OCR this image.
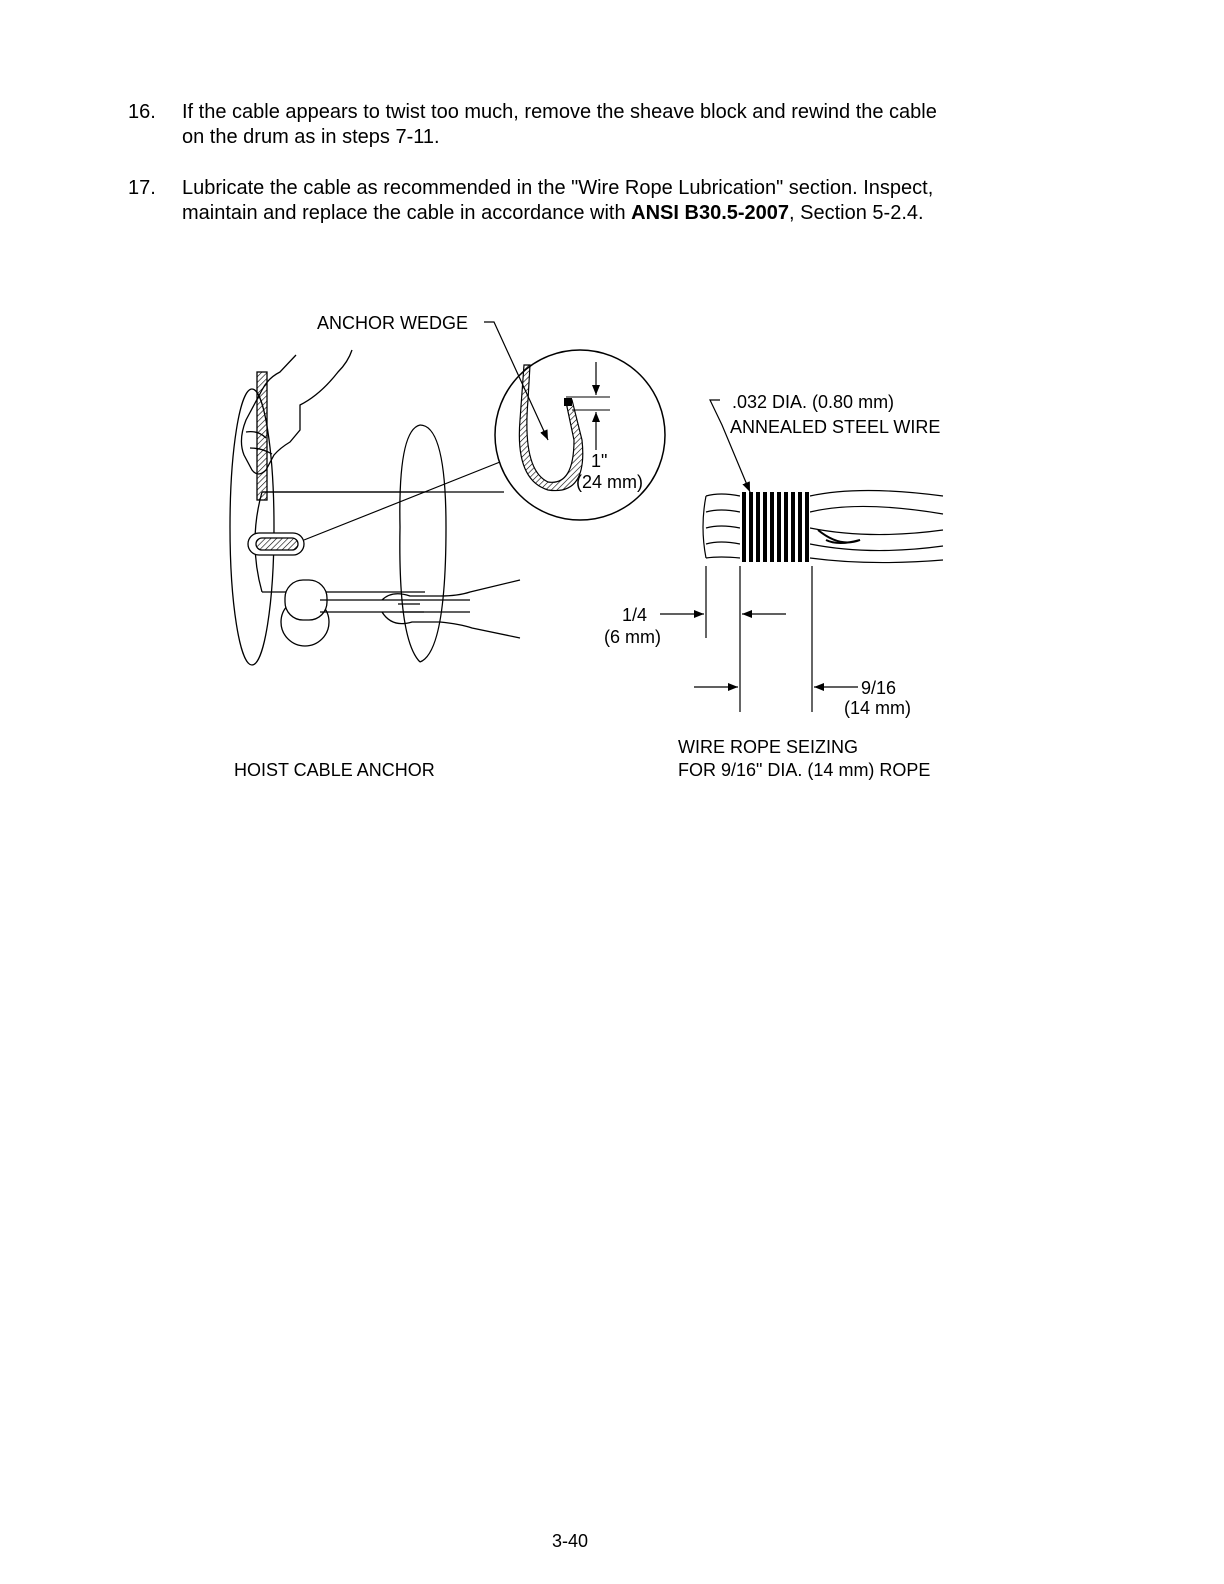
16. If the cable appears to twist too much, remove the sheave block and rewind the cable
on the drum as in steps 7-11.
17. Lubricate the cable as recommended in the "Wire Rope Lubrication" section. Inspect,
maintain and replace the cable in accordance with ANSI B30.5-2007, Section 5-2.4.
ANCHOR WEDGE
1"
(24 mm)
.032 DIA. (0.80 mm)
ANNEALED STEEL WIRE
1/4
(6 mm)
9/16
(14 mm)
HOIST CABLE ANCHOR
WIRE ROPE SEIZING
FOR 9/16" DIA. (14 mm) ROPE
3-40
